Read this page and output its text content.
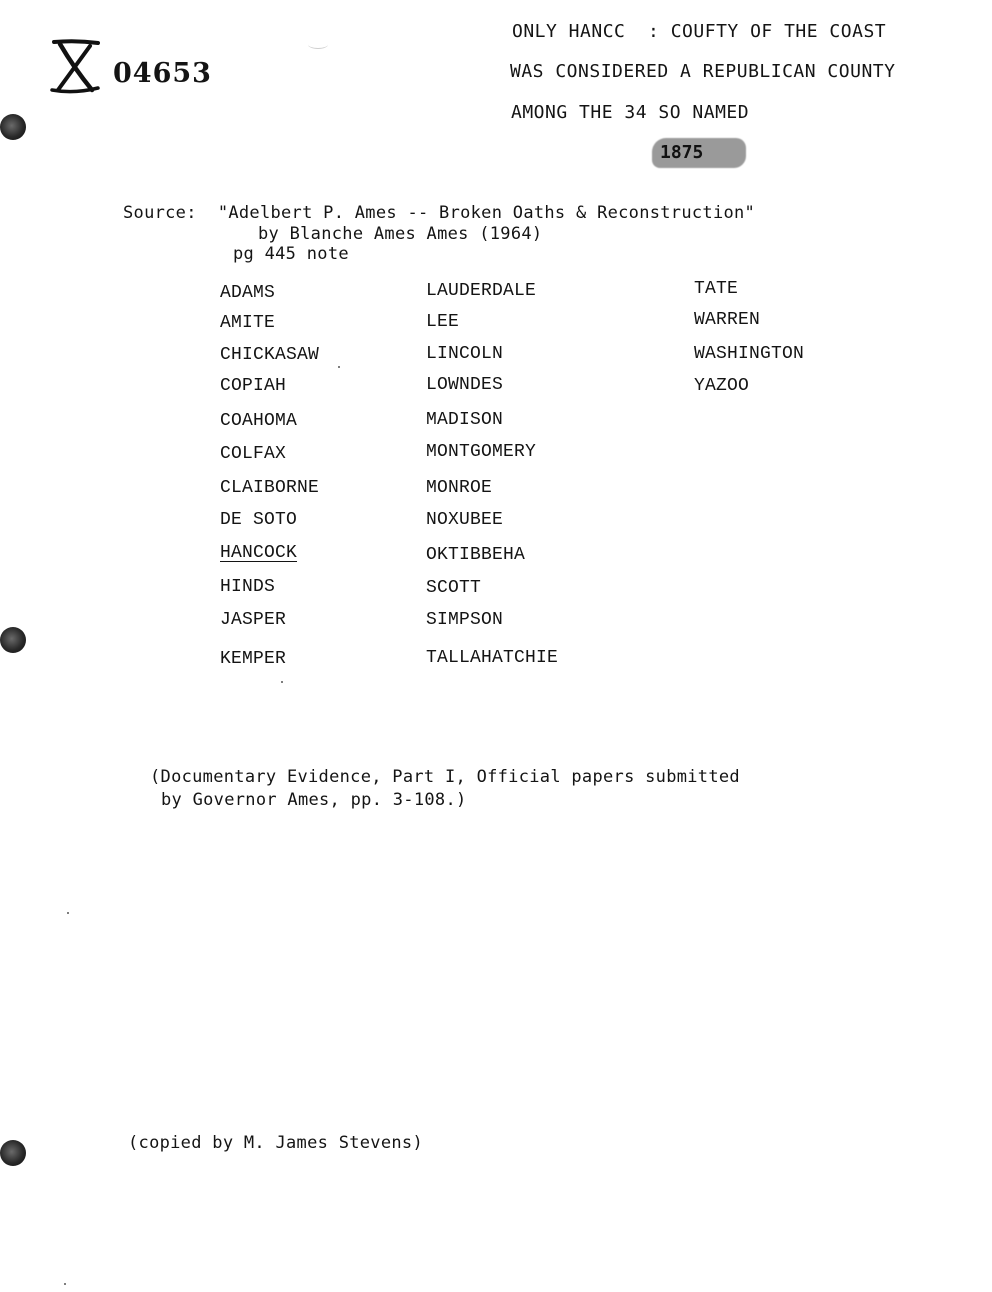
04653
ONLY HANCC  : COUFTY OF THE COAST
WAS CONSIDERED A REPUBLICAN COUNTY
AMONG THE 34 SO NAMED
1875
Source:  "Adelbert P. Ames -- Broken Oaths & Reconstruction"
by Blanche Ames Ames (1964)
pg 445 note
ADAMS
AMITE
CHICKASAW
COPIAH
COAHOMA
COLFAX
CLAIBORNE
DE SOTO
HANCOCK
HINDS
JASPER
KEMPER
LAUDERDALE
LEE
LINCOLN
LOWNDES
MADISON
MONTGOMERY
MONROE
NOXUBEE
OKTIBBEHA
SCOTT
SIMPSON
TALLAHATCHIE
TATE
WARREN
WASHINGTON
YAZOO
(Documentary Evidence, Part I, Official papers submitted
by Governor Ames, pp. 3-108.)
(copied by M. James Stevens)
